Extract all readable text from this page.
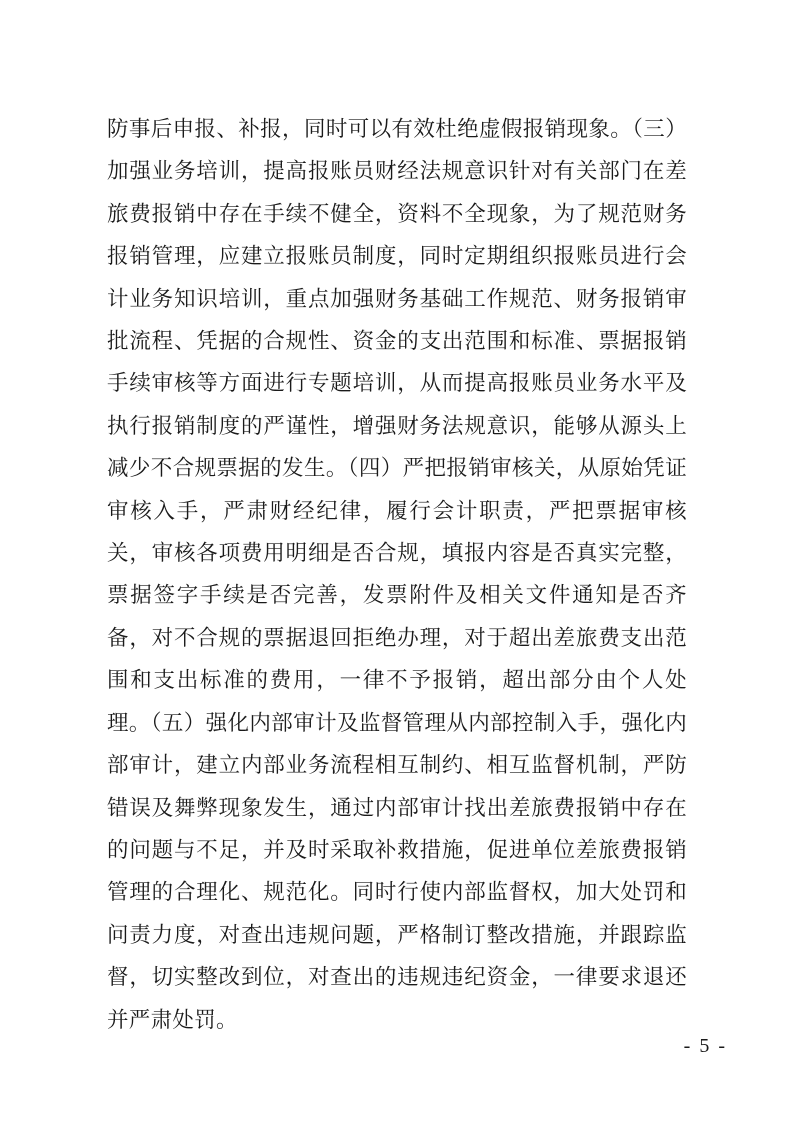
防事后申报、补报，同时可以有效杜绝虚假报销现象。（三）加强业务培训，提高报账员财经法规意识针对有关部门在差旅费报销中存在手续不健全，资料不全现象，为了规范财务报销管理，应建立报账员制度，同时定期组织报账员进行会计业务知识培训，重点加强财务基础工作规范、财务报销审批流程、凭据的合规性、资金的支出范围和标准、票据报销手续审核等方面进行专题培训，从而提高报账员业务水平及执行报销制度的严谨性，增强财务法规意识，能够从源头上减少不合规票据的发生。（四）严把报销审核关，从原始凭证审核入手，严肃财经纪律，履行会计职责，严把票据审核关，审核各项费用明细是否合规，填报内容是否真实完整，票据签字手续是否完善，发票附件及相关文件通知是否齐备，对不合规的票据退回拒绝办理，对于超出差旅费支出范围和支出标准的费用，一律不予报销，超出部分由个人处理。（五）强化内部审计及监督管理从内部控制入手，强化内部审计，建立内部业务流程相互制约、相互监督机制，严防错误及舞弊现象发生，通过内部审计找出差旅费报销中存在的问题与不足，并及时采取补救措施，促进单位差旅费报销管理的合理化、规范化。同时行使内部监督权，加大处罚和问责力度，对查出违规问题，严格制订整改措施，并跟踪监督，切实整改到位，对查出的违规违纪资金，一律要求退还并严肃处罚。

- 5 -
